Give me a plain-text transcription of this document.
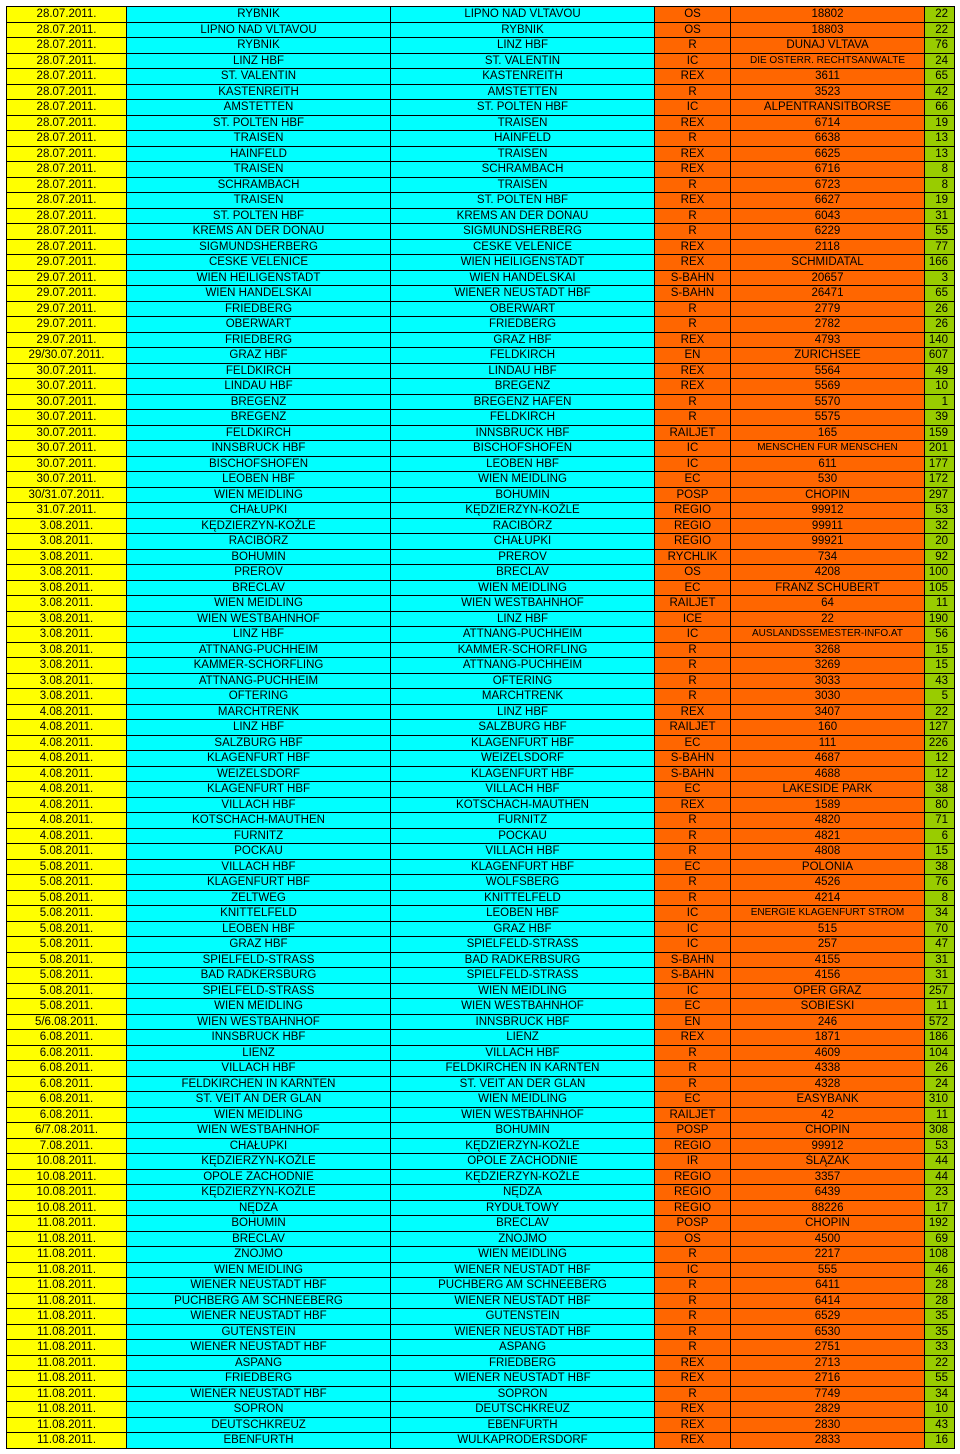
28.07.2011.	RYBNIK	LIPNO NAD VLTAVOU	OS	18802	22
28.07.2011.	LIPNO NAD VLTAVOU	RYBNIK	OS	18803	22
28.07.2011.	RYBNIK	LINZ HBF	R	DUNAJ VLTAVA	76
28.07.2011.	LINZ HBF	ST. VALENTIN	IC	DIE OSTERR. RECHTSANWALTE	24
28.07.2011.	ST. VALENTIN	KASTENREITH	REX	3611	65
28.07.2011.	KASTENREITH	AMSTETTEN	R	3523	42
28.07.2011.	AMSTETTEN	ST. POLTEN HBF	IC	ALPENTRANSITBORSE	66
28.07.2011.	ST. POLTEN HBF	TRAISEN	REX	6714	19
28.07.2011.	TRAISEN	HAINFELD	R	6638	13
28.07.2011.	HAINFELD	TRAISEN	REX	6625	13
28.07.2011.	TRAISEN	SCHRAMBACH	REX	6716	8
28.07.2011.	SCHRAMBACH	TRAISEN	R	6723	8
28.07.2011.	TRAISEN	ST. POLTEN HBF	REX	6627	19
28.07.2011.	ST. POLTEN HBF	KREMS AN DER DONAU	R	6043	31
28.07.2011.	KREMS AN DER DONAU	SIGMUNDSHERBERG	R	6229	55
28.07.2011.	SIGMUNDSHERBERG	CESKE VELENICE	REX	2118	77
29.07.2011.	CESKE VELENICE	WIEN HEILIGENSTADT	REX	SCHMIDATAL	166
29.07.2011.	WIEN HEILIGENSTADT	WIEN HANDELSKAI	S-BAHN	20657	3
29.07.2011.	WIEN HANDELSKAI	WIENER NEUSTADT HBF	S-BAHN	26471	65
29.07.2011.	FRIEDBERG	OBERWART	R	2779	26
29.07.2011.	OBERWART	FRIEDBERG	R	2782	26
29.07.2011.	FRIEDBERG	GRAZ HBF	REX	4793	140
29/30.07.2011.	GRAZ HBF	FELDKIRCH	EN	ZURICHSEE	607
30.07.2011.	FELDKIRCH	LINDAU HBF	REX	5564	49
30.07.2011.	LINDAU HBF	BREGENZ	REX	5569	10
30.07.2011.	BREGENZ	BREGENZ HAFEN	R	5570	1
30.07.2011.	BREGENZ	FELDKIRCH	R	5575	39
30.07.2011.	FELDKIRCH	INNSBRUCK HBF	RAILJET	165	159
30.07.2011.	INNSBRUCK HBF	BISCHOFSHOFEN	IC	MENSCHEN FUR MENSCHEN	201
30.07.2011.	BISCHOFSHOFEN	LEOBEN HBF	IC	611	177
30.07.2011.	LEOBEN HBF	WIEN MEIDLING	EC	530	172
30/31.07.2011.	WIEN MEIDLING	BOHUMIN	POSP	CHOPIN	297
31.07.2011.	CHAŁUPKI	KĘDZIERZYN-KOŹLE	REGIO	99912	53
3.08.2011.	KĘDZIERZYN-KOŹLE	RACIBÓRZ	REGIO	99911	32
3.08.2011.	RACIBÓRZ	CHAŁUPKI	REGIO	99921	20
3.08.2011.	BOHUMIN	PREROV	RYCHLIK	734	92
3.08.2011.	PREROV	BRECLAV	OS	4208	100
3.08.2011.	BRECLAV	WIEN MEIDLING	EC	FRANZ SCHUBERT	105
3.08.2011.	WIEN MEIDLING	WIEN WESTBAHNHOF	RAILJET	64	11
3.08.2011.	WIEN WESTBAHNHOF	LINZ HBF	ICE	22	190
3.08.2011.	LINZ HBF	ATTNANG-PUCHHEIM	IC	AUSLANDSSEMESTER-INFO.AT	56
3.08.2011.	ATTNANG-PUCHHEIM	KAMMER-SCHORFLING	R	3268	15
3.08.2011.	KAMMER-SCHORFLING	ATTNANG-PUCHHEIM	R	3269	15
3.08.2011.	ATTNANG-PUCHHEIM	OFTERING	R	3033	43
3.08.2011.	OFTERING	MARCHTRENK	R	3030	5
4.08.2011.	MARCHTRENK	LINZ HBF	REX	3407	22
4.08.2011.	LINZ HBF	SALZBURG HBF	RAILJET	160	127
4.08.2011.	SALZBURG HBF	KLAGENFURT HBF	EC	111	226
4.08.2011.	KLAGENFURT HBF	WEIZELSDORF	S-BAHN	4687	12
4.08.2011.	WEIZELSDORF	KLAGENFURT HBF	S-BAHN	4688	12
4.08.2011.	KLAGENFURT HBF	VILLACH HBF	EC	LAKESIDE PARK	38
4.08.2011.	VILLACH HBF	KOTSCHACH-MAUTHEN	REX	1589	80
4.08.2011.	KOTSCHACH-MAUTHEN	FURNITZ	R	4820	71
4.08.2011.	FURNITZ	POCKAU	R	4821	6
5.08.2011.	POCKAU	VILLACH HBF	R	4808	15
5.08.2011.	VILLACH HBF	KLAGENFURT HBF	EC	POLONIA	38
5.08.2011.	KLAGENFURT HBF	WOLFSBERG	R	4526	76
5.08.2011.	ZELTWEG	KNITTELFELD	R	4214	8
5.08.2011.	KNITTELFELD	LEOBEN HBF	IC	ENERGIE KLAGENFURT STROM	34
5.08.2011.	LEOBEN HBF	GRAZ HBF	IC	515	70
5.08.2011.	GRAZ HBF	SPIELFELD-STRASS	IC	257	47
5.08.2011.	SPIELFELD-STRASS	BAD RADKERBSURG	S-BAHN	4155	31
5.08.2011.	BAD RADKERSBURG	SPIELFELD-STRASS	S-BAHN	4156	31
5.08.2011.	SPIELFELD-STRASS	WIEN MEIDLING	IC	OPER GRAZ	257
5.08.2011.	WIEN MEIDLING	WIEN WESTBAHNHOF	EC	SOBIESKI	11
5/6.08.2011.	WIEN WESTBAHNHOF	INNSBRUCK HBF	EN	246	572
6.08.2011.	INNSBRUCK HBF	LIENZ	REX	1871	186
6.08.2011.	LIENZ	VILLACH HBF	R	4609	104
6.08.2011.	VILLACH HBF	FELDKIRCHEN IN KARNTEN	R	4338	26
6.08.2011.	FELDKIRCHEN IN KARNTEN	ST. VEIT AN DER GLAN	R	4328	24
6.08.2011.	ST. VEIT AN DER GLAN	WIEN MEIDLING	EC	EASYBANK	310
6.08.2011.	WIEN MEIDLING	WIEN WESTBAHNHOF	RAILJET	42	11
6/7.08.2011.	WIEN WESTBAHNHOF	BOHUMIN	POSP	CHOPIN	308
7.08.2011.	CHAŁUPKI	KĘDZIERZYN-KOŹLE	REGIO	99912	53
10.08.2011.	KĘDZIERZYN-KOŹLE	OPOLE ZACHODNIE	IR	ŚLĄZAK	44
10.08.2011.	OPOLE ZACHODNIE	KĘDZIERZYN-KOŹLE	REGIO	3357	44
10.08.2011.	KĘDZIERZYN-KOŹLE	NĘDZA	REGIO	6439	23
10.08.2011.	NĘDZA	RYDUŁTOWY	REGIO	88226	17
11.08.2011.	BOHUMIN	BRECLAV	POSP	CHOPIN	192
11.08.2011.	BRECLAV	ZNOJMO	OS	4500	69
11.08.2011.	ZNOJMO	WIEN MEIDLING	R	2217	108
11.08.2011.	WIEN MEIDLING	WIENER NEUSTADT HBF	IC	555	46
11.08.2011.	WIENER NEUSTADT HBF	PUCHBERG AM SCHNEEBERG	R	6411	28
11.08.2011.	PUCHBERG AM SCHNEEBERG	WIENER NEUSTADT HBF	R	6414	28
11.08.2011.	WIENER NEUSTADT HBF	GUTENSTEIN	R	6529	35
11.08.2011.	GUTENSTEIN	WIENER NEUSTADT HBF	R	6530	35
11.08.2011.	WIENER NEUSTADT HBF	ASPANG	R	2751	33
11.08.2011.	ASPANG	FRIEDBERG	REX	2713	22
11.08.2011.	FRIEDBERG	WIENER NEUSTADT HBF	REX	2716	55
11.08.2011.	WIENER NEUSTADT HBF	SOPRON	R	7749	34
11.08.2011.	SOPRON	DEUTSCHKREUZ	REX	2829	10
11.08.2011.	DEUTSCHKREUZ	EBENFURTH	REX	2830	43
11.08.2011.	EBENFURTH	WULKAPRODERSDORF	REX	2833	16
